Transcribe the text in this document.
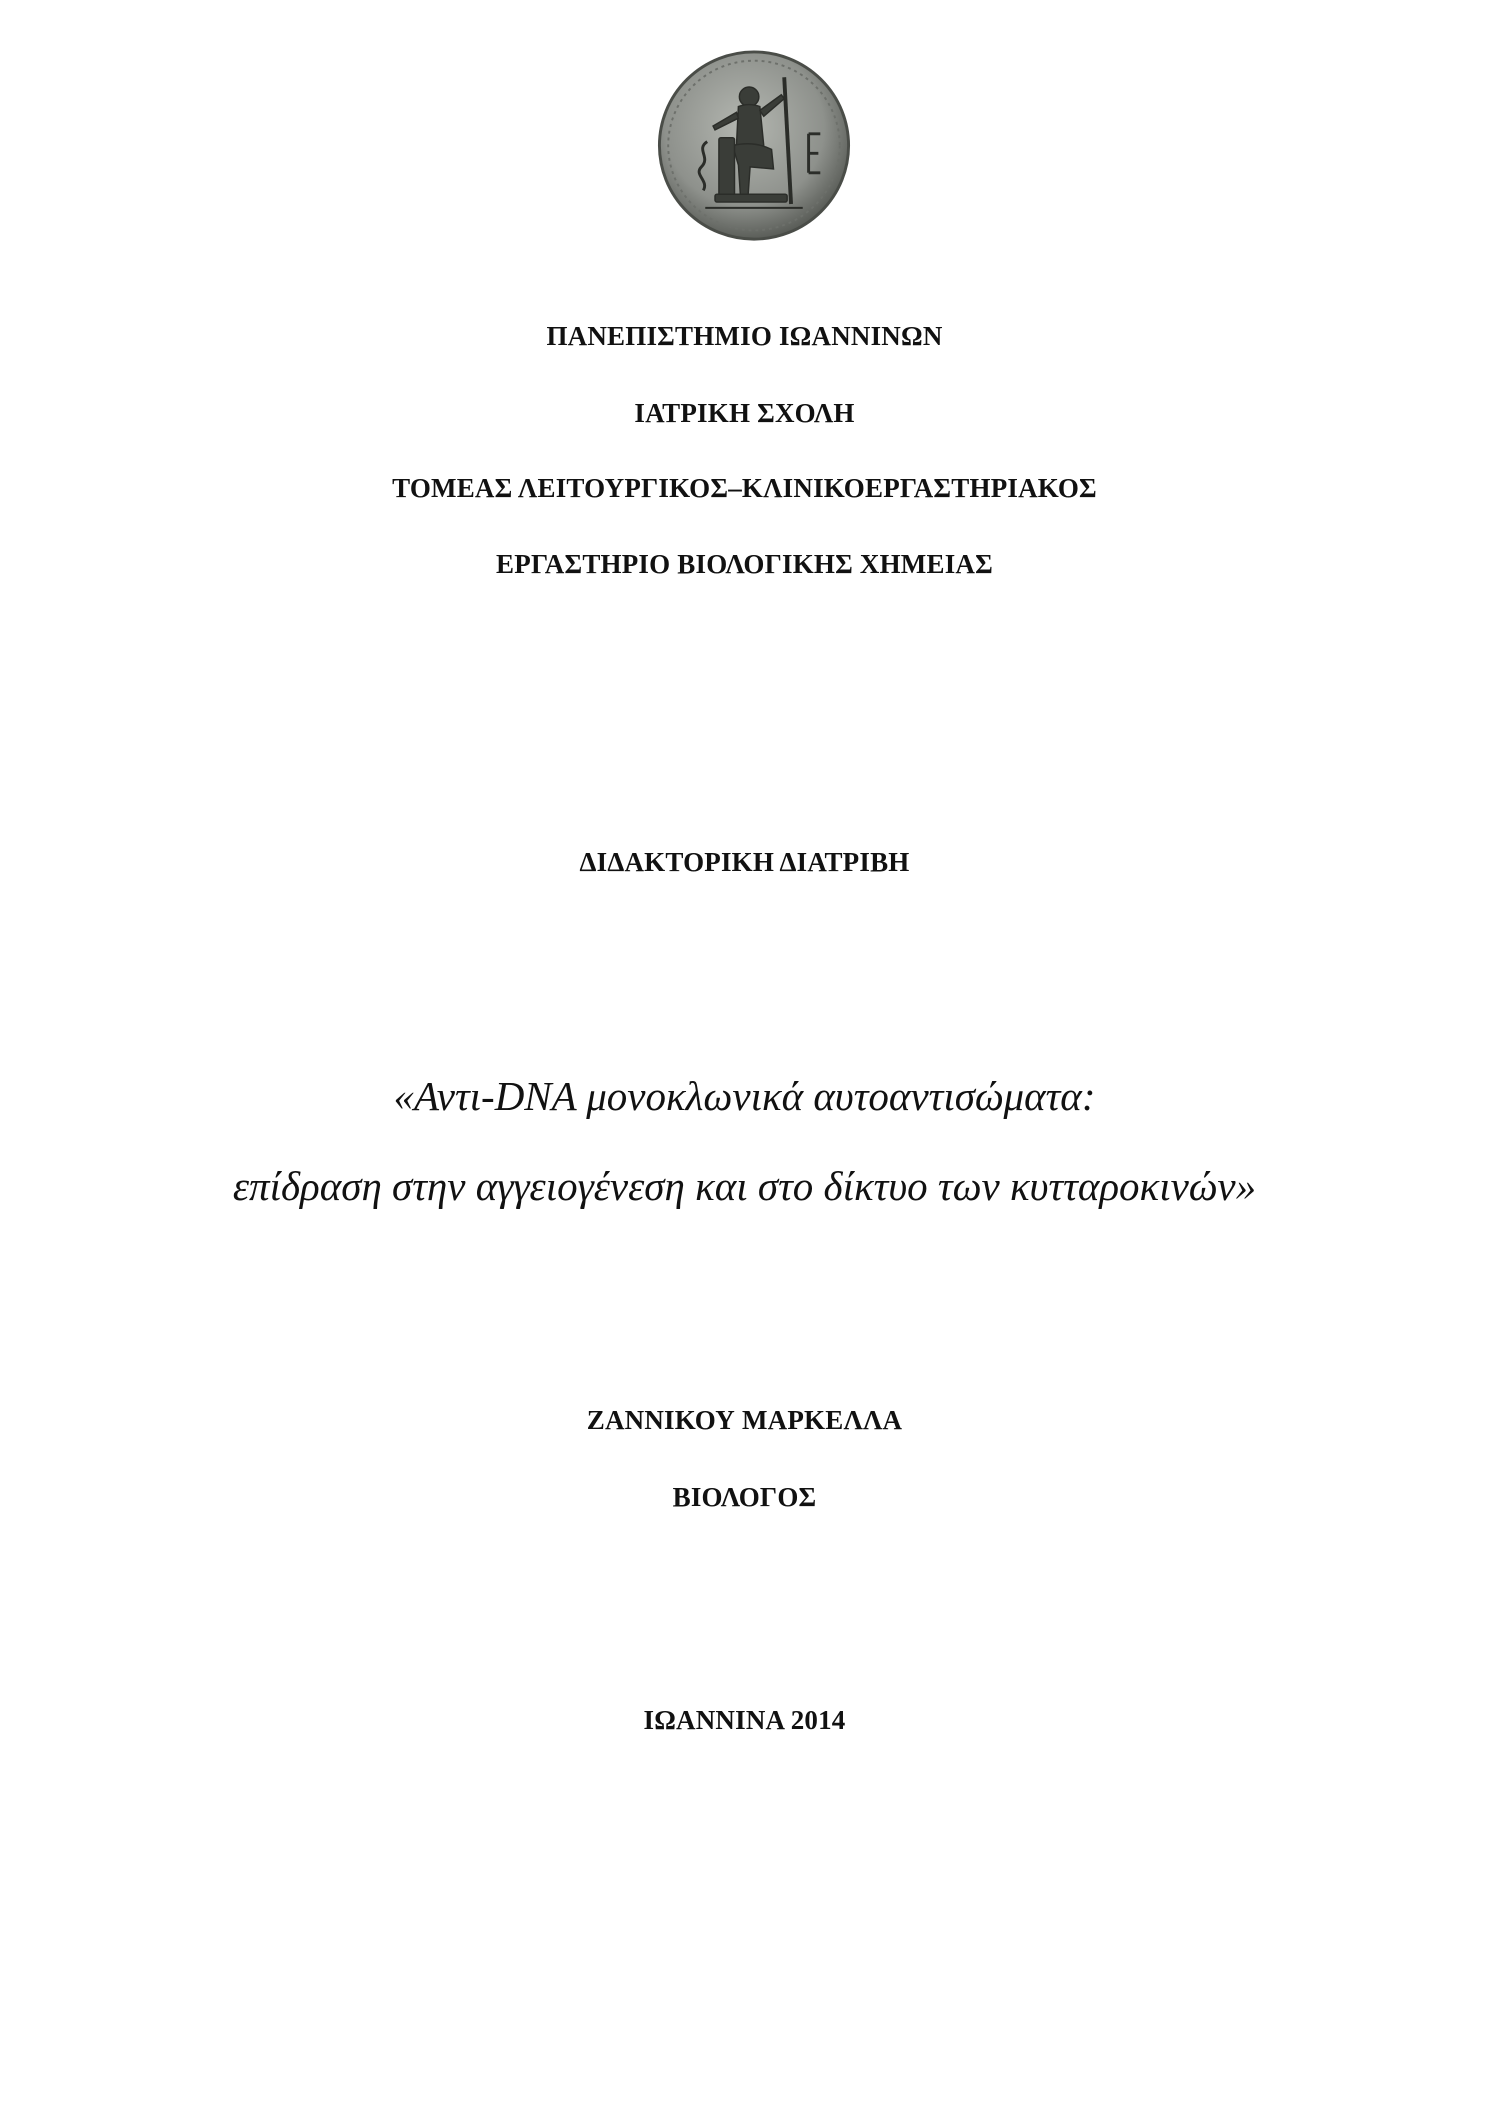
ΠΑΝΕΠΙΣΤΗΜΙΟ ΙΩΑΝΝΙΝΩΝ
ΙΑΤΡΙΚΗ ΣΧΟΛΗ
ΤΟΜΕΑΣ ΛΕΙΤΟΥΡΓΙΚΟΣ–ΚΛΙΝΙΚΟΕΡΓΑΣΤΗΡΙΑΚΟΣ
ΕΡΓΑΣΤΗΡΙΟ ΒΙΟΛΟΓΙΚΗΣ ΧΗΜΕΙΑΣ
ΔΙΔΑΚΤΟΡΙΚΗ ΔΙΑΤΡΙΒΗ
«Αντι-DNA μονοκλωνικά αυτοαντισώματα:
επίδραση στην αγγειογένεση και στο δίκτυο των κυτταροκινών»
ΖΑΝΝΙΚΟΥ ΜΑΡΚΕΛΛΑ
ΒΙΟΛΟΓΟΣ
ΙΩΑΝΝΙΝΑ 2014
